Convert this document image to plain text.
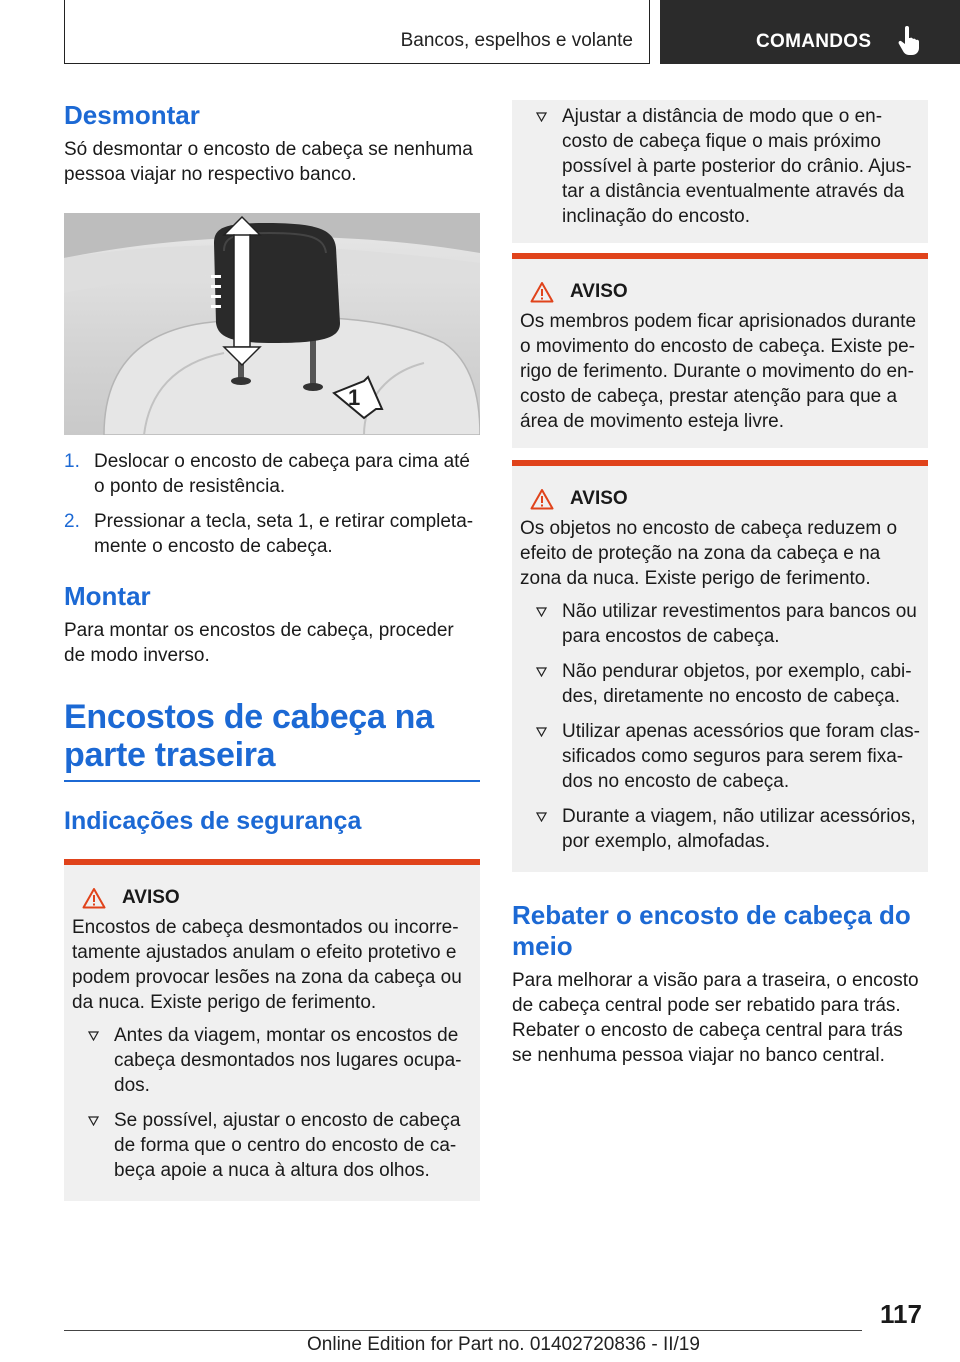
Bancos, espelhos e volante	COMANDOS
Desmontar

Só desmontar o encosto de cabeça se nenhuma pessoa viajar no respectivo banco.

1
1. Deslocar o encosto de cabeça para cima até o ponto de resistência.
2. Pressionar a tecla, seta 1, e retirar completa-mente o encosto de cabeça.
Montar

Para montar os encostos de cabeça, proceder de modo inverso.

Encostos de cabeça na
parte traseira
Indicações de segurança
AVISO

Encostos de cabeça desmontados ou incorre-tamente ajustados anulam o efeito protetivo e podem provocar lesões na zona da cabeça ou da nuca. Existe perigo de ferimento.

Antes da viagem, montar os encostos de cabeça desmontados nos lugares ocupa-dos.
Se possível, ajustar o encosto de cabeça de forma que o centro do encosto de ca-beça apoie a nuca à altura dos olhos.
Ajustar a distância de modo que o en-costo de cabeça fique o mais próximo possível à parte posterior do crânio. Ajus-tar a distância eventualmente através da inclinação do encosto.
AVISO

Os membros podem ficar aprisionados durante o movimento do encosto de cabeça. Existe pe-rigo de ferimento. Durante o movimento do en-costo de cabeça, prestar atenção para que a área de movimento esteja livre.

AVISO

Os objetos no encosto de cabeça reduzem o efeito de proteção na zona da cabeça e na zona da nuca. Existe perigo de ferimento.

Não utilizar revestimentos para bancos ou para encostos de cabeça.
Não pendurar objetos, por exemplo, cabi-des, diretamente no encosto de cabeça.
Utilizar apenas acessórios que foram clas-sificados como seguros para serem fixa-dos no encosto de cabeça.
Durante a viagem, não utilizar acessórios, por exemplo, almofadas.
Rebater o encosto de cabeça do meio

Para melhorar a visão para a traseira, o encosto de cabeça central pode ser rebatido para trás. Rebater o encosto de cabeça central para trás se nenhuma pessoa viajar no banco central.

117
Online Edition for Part no. 01402720836 - II/19
